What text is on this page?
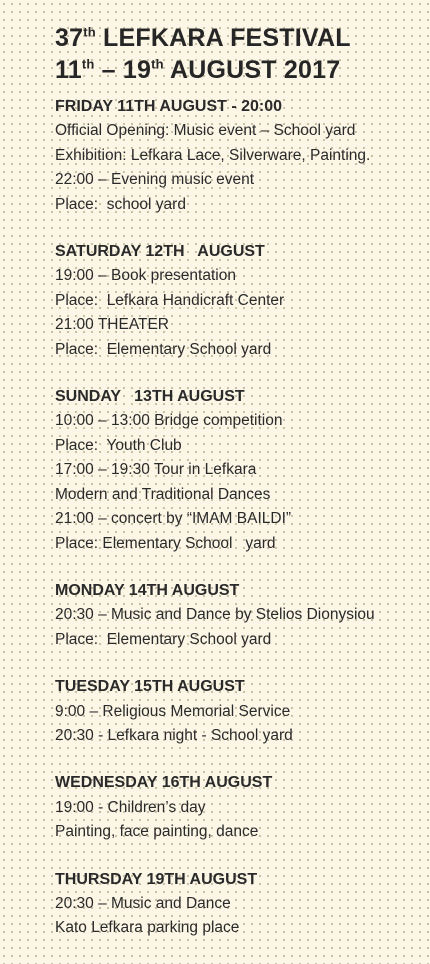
37th LEFKARA FESTIVAL
11th – 19th AUGUST 2017
FRIDAY 11TH AUGUST - 20:00
Official Opening: Music event – School yard
Exhibition: Lefkara Lace, Silverware, Painting.
22:00 – Evening music event
Place:  school yard
SATURDAY 12TH   AUGUST
19:00 – Book presentation
Place:  Lefkara Handicraft Center
21:00 THEATER
Place:  Elementary School yard
SUNDAY   13TH AUGUST
10:00 – 13:00 Bridge competition
Place:  Youth Club
17:00 – 19:30 Tour in Lefkara
Modern and Traditional Dances
21:00 – concert by “IMAM BAILDI”
Place: Elementary School   yard
MONDAY 14TH AUGUST
20:30 – Music and Dance by Stelios Dionysiou
Place:  Elementary School yard
TUESDAY 15TH AUGUST
9:00 – Religious Memorial Service
20:30 - Lefkara night - School yard
WEDNESDAY 16TH AUGUST
19:00 - Children’s day
Painting, face painting, dance
THURSDAY 19TH AUGUST
20:30 – Music and Dance
Kato Lefkara parking place
